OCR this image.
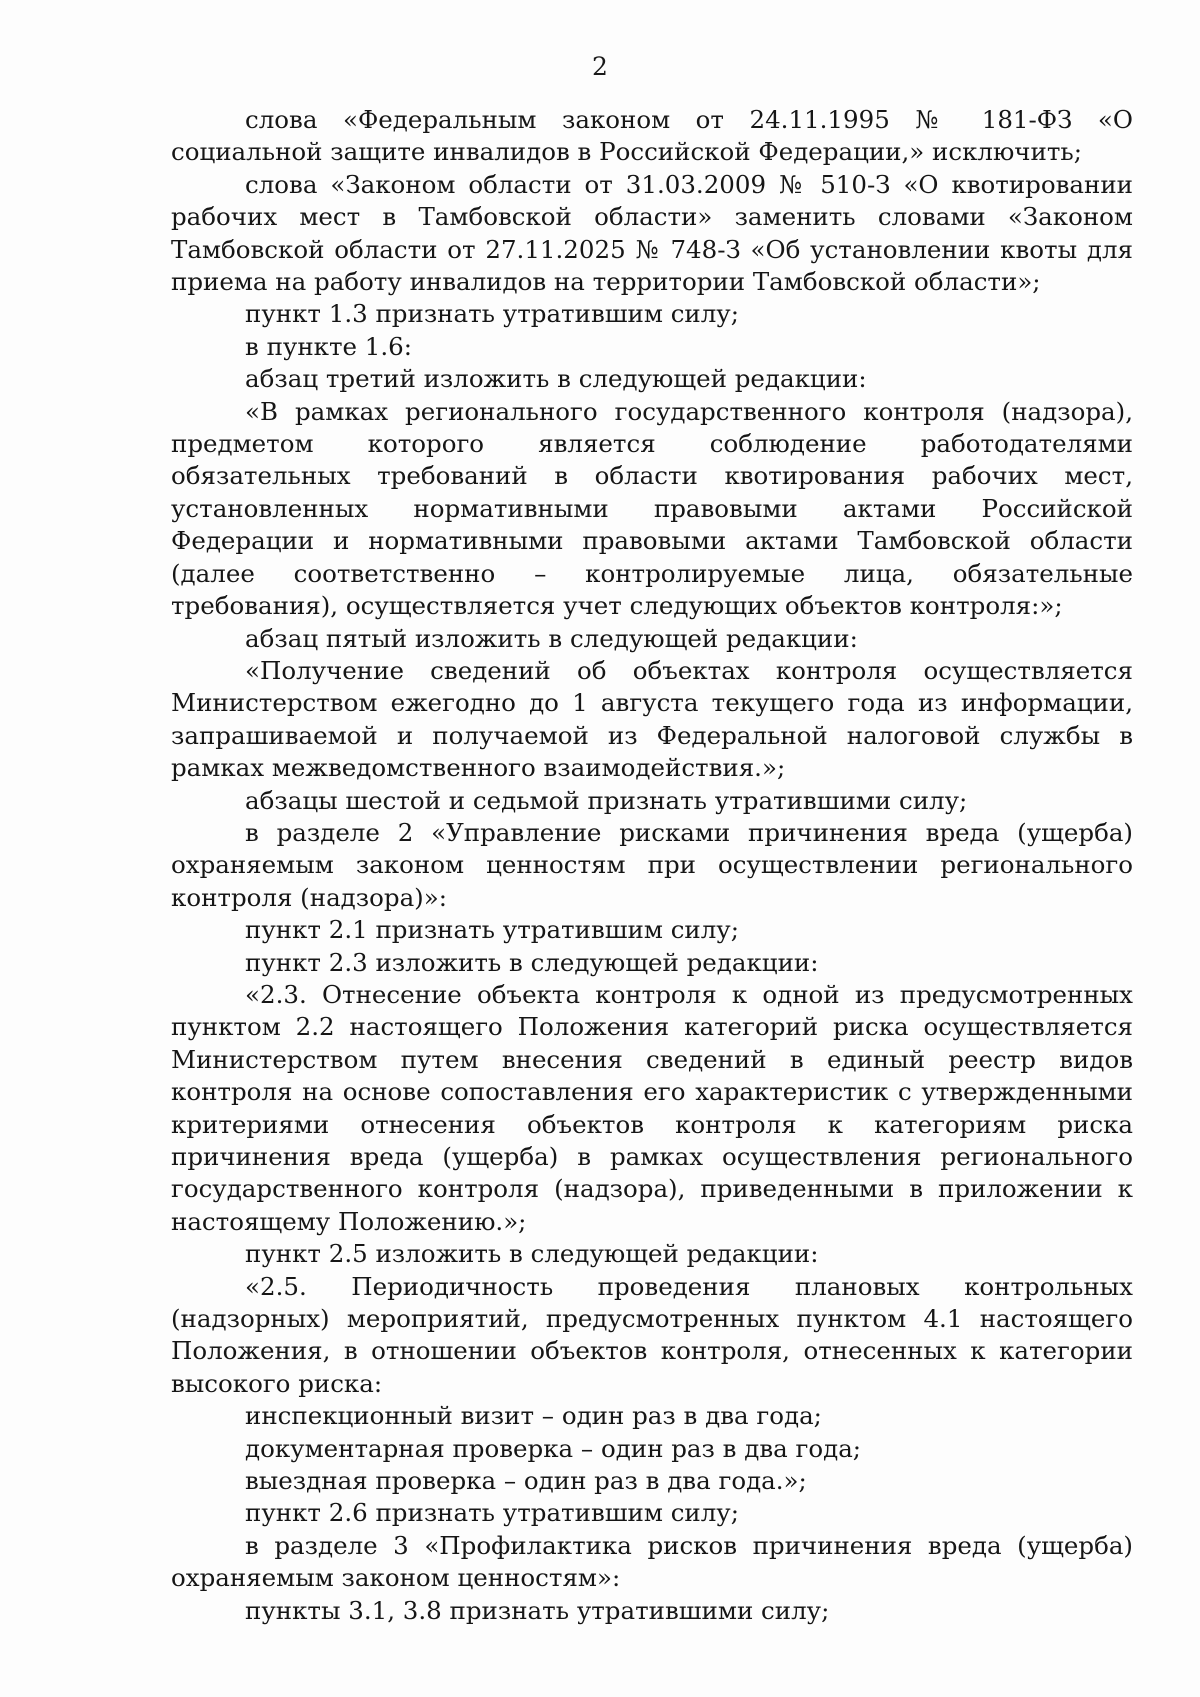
2

слова «Федеральным законом от 24.11.1995 № 181-ФЗ «О социальной защите инвалидов в Российской Федерации,» исключить;

слова «Законом области от 31.03.2009 № 510-З «О квотировании рабочих мест в Тамбовской области» заменить словами «Законом Тамбовской области от 27.11.2025 № 748-З «Об установлении квоты для приема на работу инвалидов на территории Тамбовской области»;

пункт 1.3 признать утратившим силу;

в пункте 1.6:

абзац третий изложить в следующей редакции:

«В рамках регионального государственного контроля (надзора), предметом которого является соблюдение работодателями обязательных требований в области квотирования рабочих мест, установленных нормативными правовыми актами Российской Федерации и нормативными правовыми актами Тамбовской области (далее соответственно – контролируемые лица, обязательные требования), осуществляется учет следующих объектов контроля:»;

абзац пятый изложить в следующей редакции:

«Получение сведений об объектах контроля осуществляется Министерством ежегодно до 1 августа текущего года из информации, запрашиваемой и получаемой из Федеральной налоговой службы в рамках межведомственного взаимодействия.»;

абзацы шестой и седьмой признать утратившими силу;

в разделе 2 «Управление рисками причинения вреда (ущерба) охраняемым законом ценностям при осуществлении регионального контроля (надзора)»:

пункт 2.1 признать утратившим силу;

пункт 2.3 изложить в следующей редакции:

«2.3. Отнесение объекта контроля к одной из предусмотренных пунктом 2.2 настоящего Положения категорий риска осуществляется Министерством путем внесения сведений в единый реестр видов контроля на основе сопоставления его характеристик с утвержденными критериями отнесения объектов контроля к категориям риска причинения вреда (ущерба) в рамках осуществления регионального государственного контроля (надзора), приведенными в приложении к настоящему Положению.»;

пункт 2.5 изложить в следующей редакции:

«2.5. Периодичность проведения плановых контрольных (надзорных) мероприятий, предусмотренных пунктом 4.1 настоящего Положения, в отношении объектов контроля, отнесенных к категории высокого риска:

инспекционный визит – один раз в два года;

документарная проверка – один раз в два года;

выездная проверка – один раз в два года.»;

пункт 2.6 признать утратившим силу;

в разделе 3 «Профилактика рисков причинения вреда (ущерба) охраняемым законом ценностям»:

пункты 3.1, 3.8 признать утратившими силу;
